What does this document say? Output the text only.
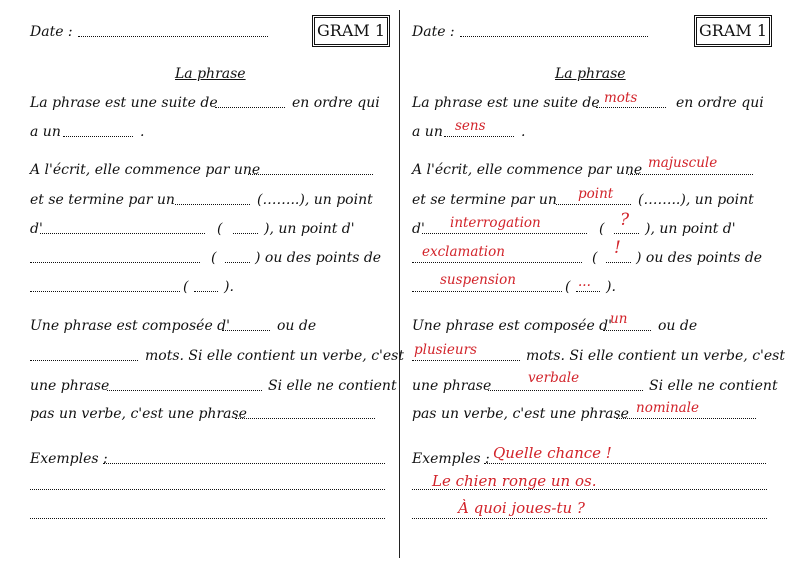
Date :	GRAM 1
La phrase
La phrase est une suite de	en ordre qui
a un	.
A l'écrit, elle commence par une
et se termine par un	(……..), un point
d'	(	), un point d'
(	) ou des points de
(	).
Une phrase est composée d'	ou de
mots. Si elle contient un verbe, c'est
une phrase	Si elle ne contient
pas un verbe, c'est une phrase
Exemples :
Date :	GRAM 1
La phrase
La phrase est une suite de mots	en ordre qui
a un sens	.
A l'écrit, elle commence par une majuscule
et se termine par un point (……..), un point
d' interrogation	( ? ), un point d'
exclamation	( ! ) ou des points de
suspension	( ... ).
Une phrase est composée d'
un ou de
plusieurs	mots. Si elle contient un verbe, c'est
une phrase	verbale	Si elle ne contient
pas un verbe, c'est une phrase nominale
Exemples : Quelle chance !
Le chien ronge un os.
À quoi joues-tu ?
